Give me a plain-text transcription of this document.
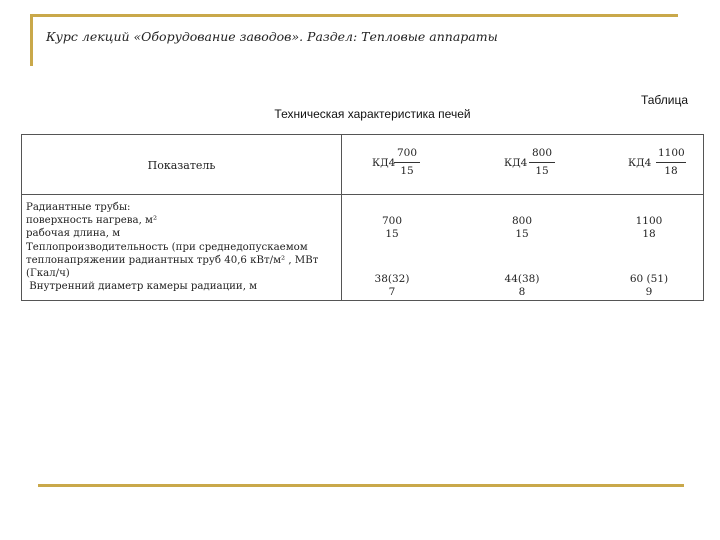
Курс лекций «Оборудование заводов». Раздел: Тепловые аппараты
Таблица
Техническая характеристика печей
Показатель	КД4
700
15
КД4
800
15
КД4
1100
18
Радиантные трубы:
поверхность нагрева, м²
рабочая длина, м
Теплопроизводительность (при среднедопускаемом
теплонапряжении радиантных труб 40,6 кВт/м² , МВт
(Гкал/ч)
Внутренний диаметр камеры радиации, м
700
15
800
15
1100
18
38(32)
7
44(38)
8
60 (51)
9
